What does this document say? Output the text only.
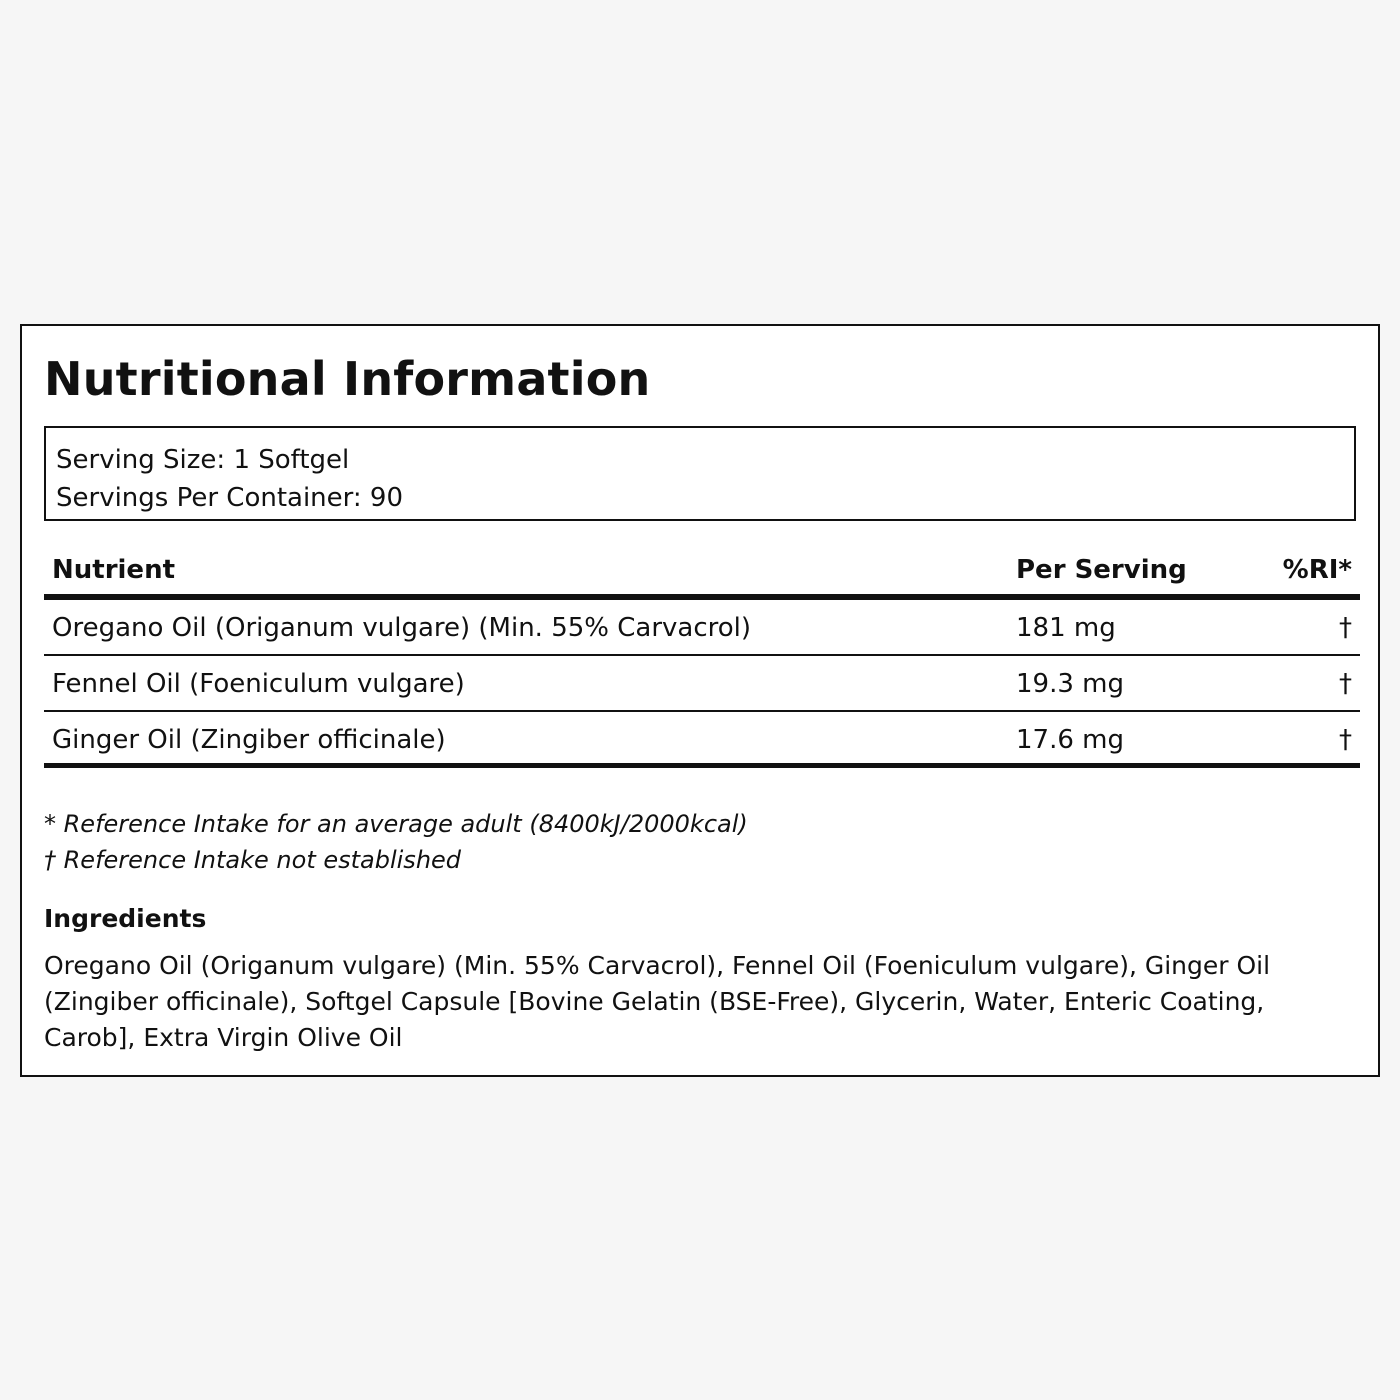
Nutritional Information
Serving Size: 1 Softgel
Servings Per Container: 90
Nutrient	Per Serving	%RI*
Oregano Oil (Origanum vulgare) (Min. 55% Carvacrol)	181 mg	†
Fennel Oil (Foeniculum vulgare)	19.3 mg	†
Ginger Oil (Zingiber officinale)	17.6 mg	†
* Reference Intake for an average adult (8400kJ/2000kcal)
† Reference Intake not established
Ingredients

Oregano Oil (Origanum vulgare) (Min. 55% Carvacrol), Fennel Oil (Foeniculum vulgare), Ginger Oil (Zingiber officinale), Softgel Capsule [Bovine Gelatin (BSE-Free), Glycerin, Water, Enteric Coating, Carob], Extra Virgin Olive Oil
